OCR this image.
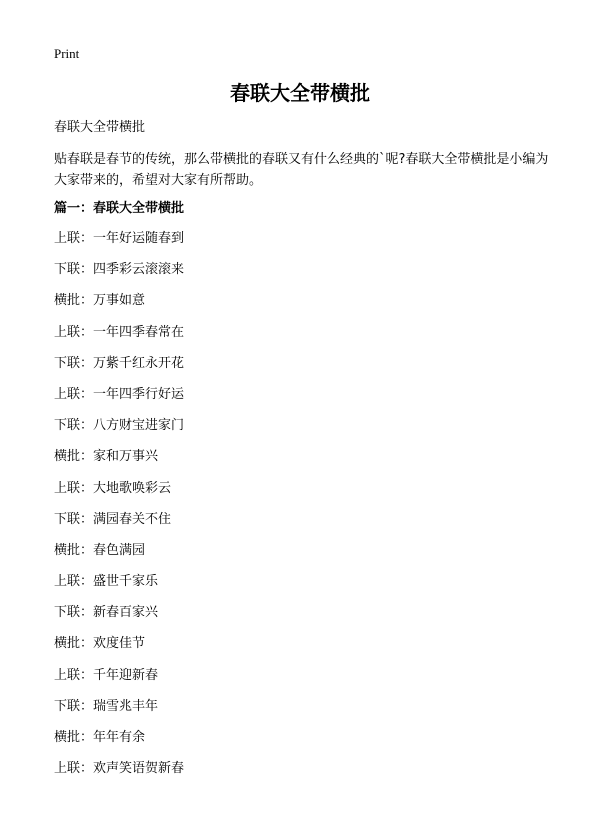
Print
春联大全带横批
春联大全带横批

贴春联是春节的传统，那么带横批的春联又有什么经典的`呢?春联大全带横批是小编为大家带来的，希望对大家有所帮助。

篇一：春联大全带横批
上联：一年好运随春到
下联：四季彩云滚滚来
横批：万事如意
上联：一年四季春常在
下联：万紫千红永开花
上联：一年四季行好运
下联：八方财宝进家门
横批：家和万事兴
上联：大地歌唤彩云
下联：满园春关不住
横批：春色满园
上联：盛世千家乐
下联：新春百家兴
横批：欢度佳节
上联：千年迎新春
下联：瑞雪兆丰年
横批：年年有余
上联：欢声笑语贺新春
